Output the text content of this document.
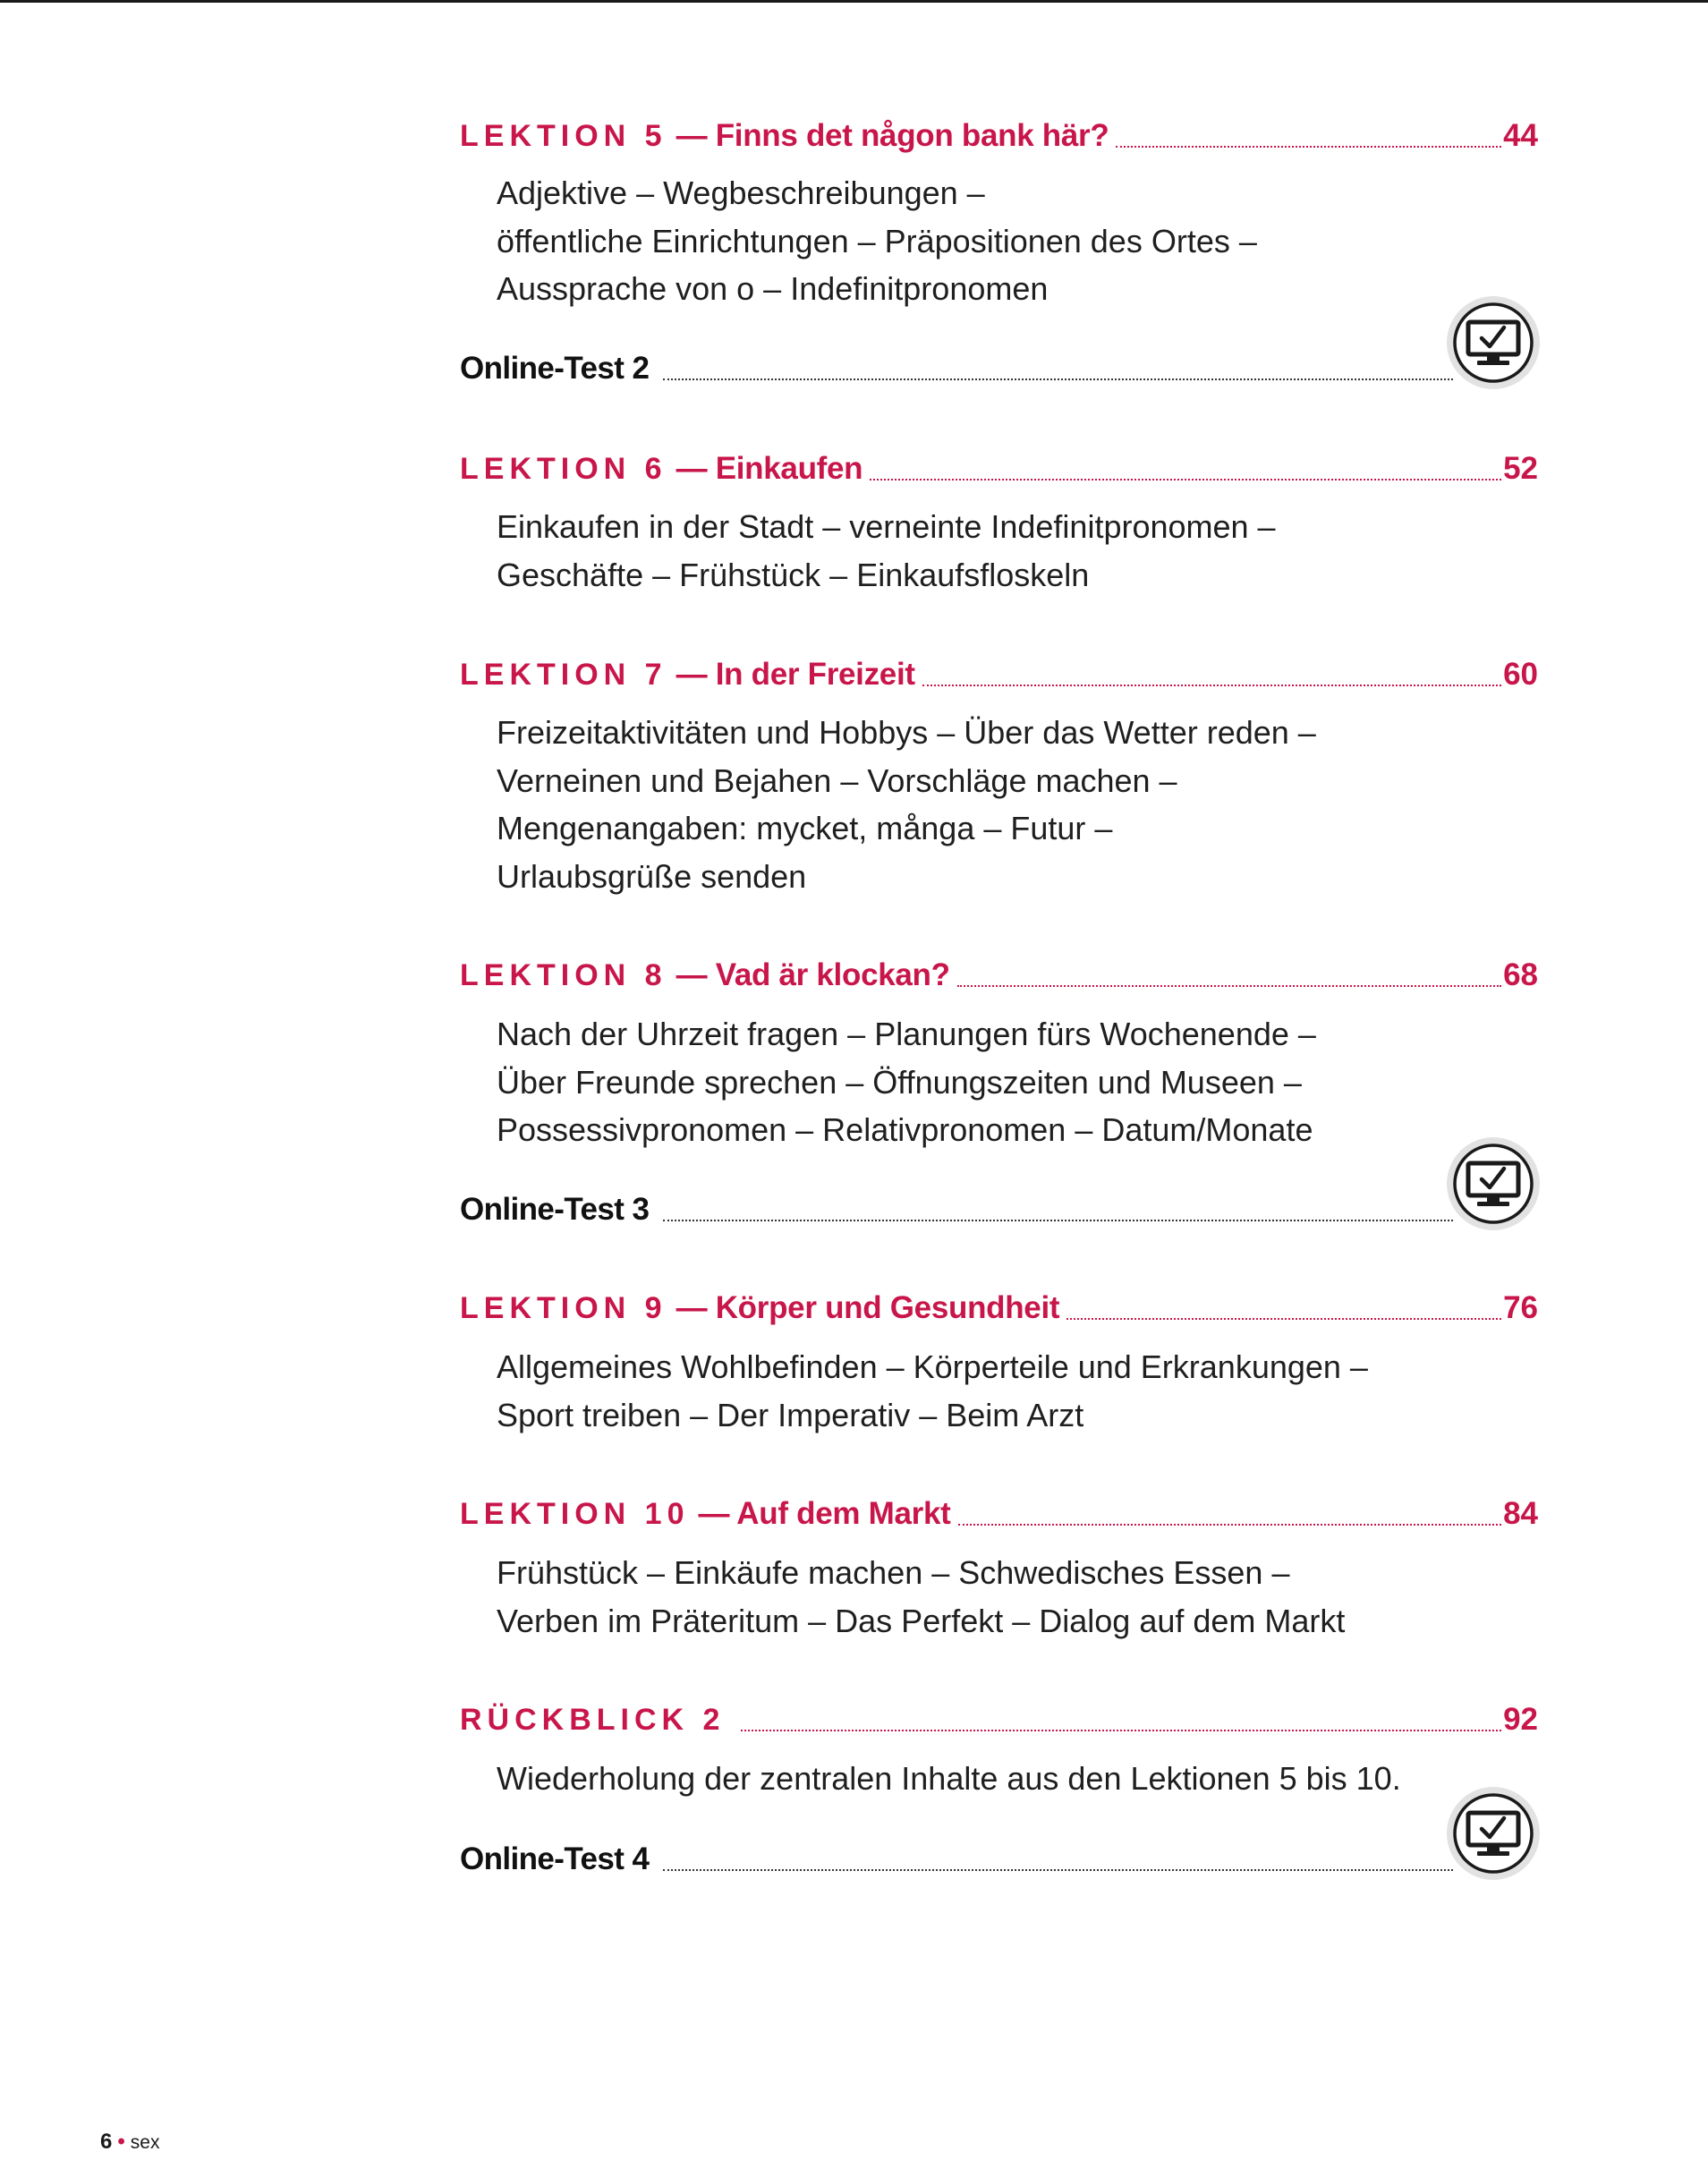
LEKTION 5 — Finns det någon bank här?	44
Adjektive – Wegbeschreibungen –
öffentliche Einrichtungen – Präpositionen des Ortes –
Aussprache von o – Indefinitpronomen
Online-Test 2
LEKTION 6 — Einkaufen	52
Einkaufen in der Stadt – verneinte Indefinitpronomen –
Geschäfte – Frühstück – Einkaufsfloskeln
LEKTION 7 — In der Freizeit	60
Freizeitaktivitäten und Hobbys – Über das Wetter reden –
Verneinen und Bejahen – Vorschläge machen –
Mengenangaben: mycket, många – Futur –
Urlaubsgrüße senden
LEKTION 8 — Vad är klockan?	68
Nach der Uhrzeit fragen – Planungen fürs Wochenende –
Über Freunde sprechen – Öffnungszeiten und Museen –
Possessivpronomen – Relativpronomen – Datum/Monate
Online-Test 3
LEKTION 9 — Körper und Gesundheit	76
Allgemeines Wohlbefinden – Körperteile und Erkrankungen –
Sport treiben – Der Imperativ – Beim Arzt
LEKTION 10 — Auf dem Markt	84
Frühstück – Einkäufe machen – Schwedisches Essen –
Verben im Präteritum – Das Perfekt – Dialog auf dem Markt
RÜCKBLICK 2	92
Wiederholung der zentralen Inhalte aus den Lektionen 5 bis 10.
Online-Test 4
6 • sex
